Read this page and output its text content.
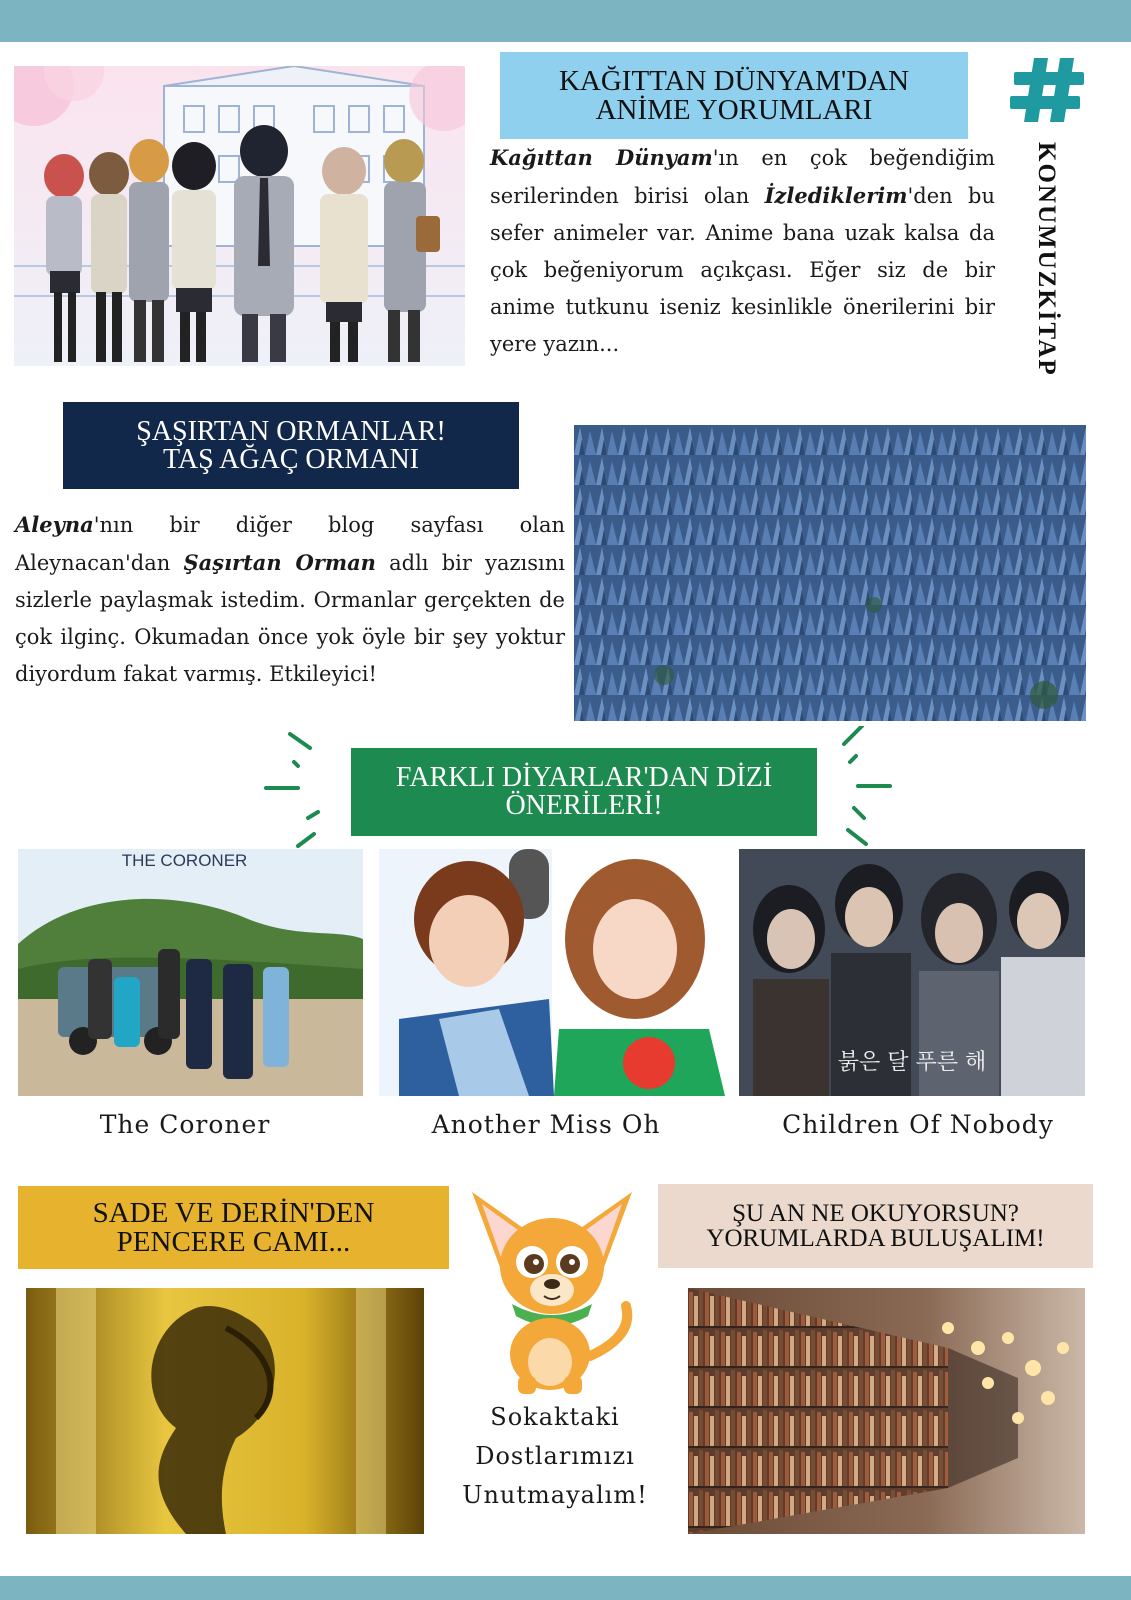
KAĞITTAN DÜNYAM'DAN
ANİME YORUMLARI
Kağıttan Dünyam'ın en çok beğendiğim serilerinden birisi olan İzlediklerim'den bu sefer animeler var. Anime bana uzak kalsa da çok beğeniyorum açıkçası. Eğer siz de bir anime tutkunu iseniz kesinlikle önerilerini bir yere yazın...	KONUMUZKİTAP
ŞAŞIRTAN ORMANLAR!
TAŞ AĞAÇ ORMANI
Aleyna'nın bir diğer blog sayfası olan Aleynacan'dan Şaşırtan Orman adlı bir yazısını sizlerle paylaşmak istedim. Ormanlar gerçekten de çok ilginç. Okumadan önce yok öyle bir şey yoktur diyordum fakat varmış. Etkileyici!
FARKLI DİYARLAR'DAN DİZİ
ÖNERİLERİ!
THE CORONER
붉은 달 푸른 해
The Coroner	Another Miss Oh	Children Of Nobody
SADE VE DERİN'DEN
PENCERE CAMI...
Sokaktaki
Dostlarımızı
Unutmayalım!
ŞU AN NE OKUYORSUN?
YORUMLARDA BULUŞALIM!
